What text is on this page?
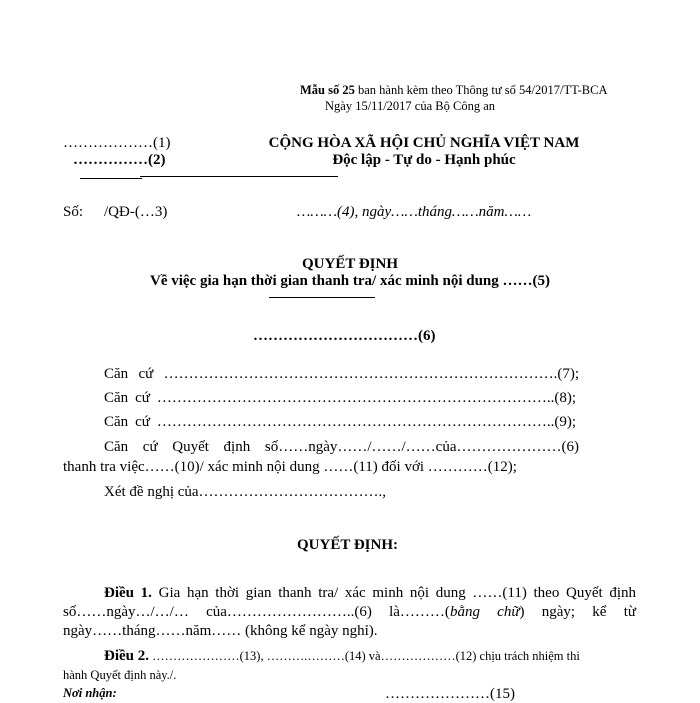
Mẫu số 25 ban hành kèm theo Thông tư số 54/2017/TT-BCA
Ngày 15/11/2017 của Bộ Công an
………………(1)
……………(2)
CỘNG HÒA XÃ HỘI CHỦ NGHĨA VIỆT NAM
Độc lập - Tự do - Hạnh phúc
Số: /QĐ-(…3)	………(4), ngày……tháng……năm……
QUYẾT ĐỊNH
Về việc gia hạn thời gian thanh tra/ xác minh nội dung ……(5)
……………………………(6)
Căn cứ …………………………………………………………………….(7);
Căn cứ ……………………………………………………………………..(8);
Căn cứ ……………………………………………………………………..(9);
Căn cứ Quyết định số……ngày……/……/……của…………………(6)
thanh tra việc……(10)/ xác minh nội dung ……(11) đối với …………(12);
Xét đề nghị của……………………………….,
QUYẾT ĐỊNH:
Điều 1. Gia hạn thời gian thanh tra/ xác minh nội dung ……(11) theo Quyết định
số……ngày…/…/… của……………………..(6) là………(bằng chữ) ngày; kể từ
ngày……tháng……năm…… (không kể ngày nghỉ).
Điều 2. …………………(13), ……….………(14) và………………(12) chịu trách nhiệm thi
hành Quyết định này./.
Nơi nhận:	…………………(15)
